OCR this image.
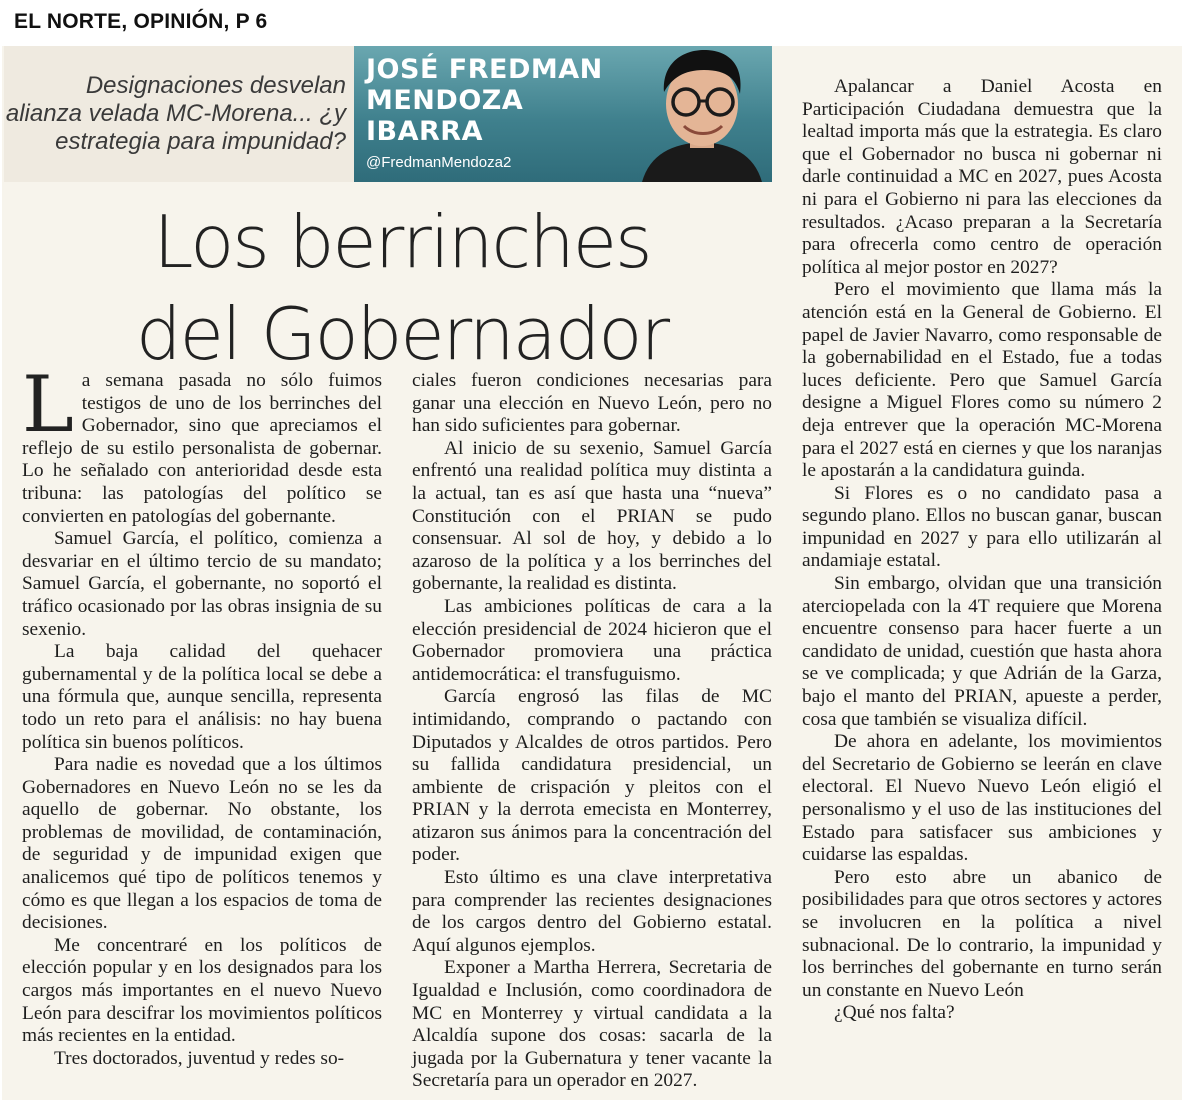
EL NORTE, OPINIÓN, P 6

Designaciones desvelan alianza velada MC-Morena... ¿y estrategia para impunidad?

JOSÉ FREDMAN
MENDOZA
IBARRA
@FredmanMendoza2
Los berrinches
del Gobernador

La semana pasada no sólo fuimos testigos de uno de los berrinches del Gobernador, sino que apreciamos el reflejo de su estilo personalista de gobernar. Lo he señalado con anterioridad desde esta tribuna: las patologías del político se convierten en patologías del gobernante.

Samuel García, el político, comienza a desvariar en el último tercio de su mandato; Samuel García, el gobernante, no soportó el tráfico ocasionado por las obras insignia de su sexenio.

La baja calidad del quehacer gubernamental y de la política local se debe a una fórmula que, aunque sencilla, representa todo un reto para el análisis: no hay buena política sin buenos políticos.

Para nadie es novedad que a los últimos Gobernadores en Nuevo León no se les da aquello de gobernar. No obstante, los problemas de movilidad, de contaminación, de seguridad y de impunidad exigen que analicemos qué tipo de políticos tenemos y cómo es que llegan a los espacios de toma de decisiones.

Me concentraré en los políticos de elección popular y en los designados para los cargos más importantes en el nuevo Nuevo León para descifrar los movimientos políticos más recientes en la entidad.

Tres doctorados, juventud y redes so-

ciales fueron condiciones necesarias para ganar una elección en Nuevo León, pero no han sido suficientes para gobernar.

Al inicio de su sexenio, Samuel García enfrentó una realidad política muy distinta a la actual, tan es así que hasta una “nueva” Constitución con el PRIAN se pudo consensuar. Al sol de hoy, y debido a lo azaroso de la política y a los berrinches del gobernante, la realidad es distinta.

Las ambiciones políticas de cara a la elección presidencial de 2024 hicieron que el Gobernador promoviera una práctica antidemocrática: el transfuguismo.

García engrosó las filas de MC intimidando, comprando o pactando con Diputados y Alcaldes de otros partidos. Pero su fallida candidatura presidencial, un ambiente de crispación y pleitos con el PRIAN y la derrota emecista en Monterrey, atizaron sus ánimos para la concentración del poder.

Esto último es una clave interpretativa para comprender las recientes designaciones de los cargos dentro del Gobierno estatal. Aquí algunos ejemplos.

Exponer a Martha Herrera, Secretaria de Igualdad e Inclusión, como coordinadora de MC en Monterrey y virtual candidata a la Alcaldía supone dos cosas: sacarla de la jugada por la Gubernatura y tener vacante la Secretaría para un operador en 2027.

Apalancar a Daniel Acosta en Participación Ciudadana demuestra que la lealtad importa más que la estrategia. Es claro que el Gobernador no busca ni gobernar ni darle continuidad a MC en 2027, pues Acosta ni para el Gobierno ni para las elecciones da resultados. ¿Acaso preparan a la Secretaría para ofrecerla como centro de operación política al mejor postor en 2027?

Pero el movimiento que llama más la atención está en la General de Gobierno. El papel de Javier Navarro, como responsable de la gobernabilidad en el Estado, fue a todas luces deficiente. Pero que Samuel García designe a Miguel Flores como su número 2 deja entrever que la operación MC-Morena para el 2027 está en ciernes y que los naranjas le apostarán a la candidatura guinda.

Si Flores es o no candidato pasa a segundo plano. Ellos no buscan ganar, buscan impunidad en 2027 y para ello utilizarán al andamiaje estatal.

Sin embargo, olvidan que una transición aterciopelada con la 4T requiere que Morena encuentre consenso para hacer fuerte a un candidato de unidad, cuestión que hasta ahora se ve complicada; y que Adrián de la Garza, bajo el manto del PRIAN, apueste a perder, cosa que también se visualiza difícil.

De ahora en adelante, los movimientos del Secretario de Gobierno se leerán en clave electoral. El Nuevo Nuevo León eligió el personalismo y el uso de las instituciones del Estado para satisfacer sus ambiciones y cuidarse las espaldas.

Pero esto abre un abanico de posibilidades para que otros sectores y actores se involucren en la política a nivel subnacional. De lo contrario, la impunidad y los berrinches del gobernante en turno serán un constante en Nuevo León

¿Qué nos falta?
